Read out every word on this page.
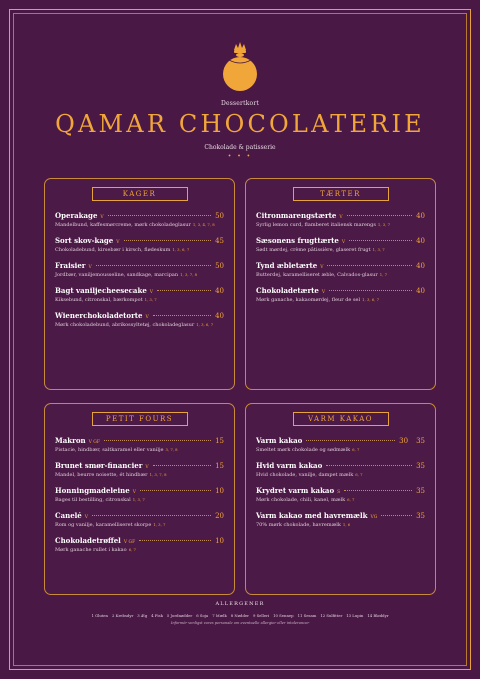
Dessertkort
QAMAR CHOCOLATERIE
Chokolade & patisserie
• • •
KAGER
Operakage V	50
Mandelbund, kaffesmørcreme, mørk chokoladeglasur 1, 3, 4, 7, 8
Sort skov-kage V	45
Chokoladebund, kirsebær i kirsch, flødeskum 1, 3, 6, 7
Fraisier V	50
Jordbær, vaniljemousseline, sandkage, marcipan 1, 3, 7, 8
Bagt vaniljecheesecake V	40
Kiksebund, citronskal, bærkompot 1, 3, 7
Wienerchokoladetorte V	40
Mørk chokoladebund, abrikossyltetøj, chokoladeglasur 1, 3, 6, 7
TÆRTER
Citronmarengstærte V	40
Syrlig lemon curd, flamberet italiensk marengs 1, 3, 7
Sæsonens frugttærte V	40
Sødt mørdej, crème pâtissière, glaseret frugt 1, 3, 7
Tynd æbletærte V	40
Butterdej, karamelliseret æble, Calvados-glasur 1, 7
Chokoladetærte V	40
Mørk ganache, kakaomørdej, fleur de sel 1, 3, 6, 7
PETIT FOURS
Makron V GF	15
Pistacie, hindbær, saltkaramel eller vanilje 3, 7, 8
Brunet smør-financier V	15
Mandel, beurre noisette, ét hindbær 1, 3, 7, 8
Honningmadeleine V	10
Bages til bestilling, citronskal 1, 3, 7
Canelé V	20
Rom og vanilje, karamelliseret skorpe 1, 3, 7
Chokoladetrøffel V GF	10
Mørk ganache rullet i kakao 6, 7
VARM KAKAO
Varm kakao	30 35
Smeltet mørk chokolade og sødmælk 6, 7
Hvid varm kakao	35
Hvid chokolade, vanilje, dampet mælk 6, 7
Krydret varm kakao S	35
Mørk chokolade, chili, kanel, mælk 6, 7
Varm kakao med havremælk VG	35
70% mørk chokolade, havremælk 1, 6
ALLERGENER
1 Gluten 2 Krebsdyr 3 Æg 4 Fisk 5 Jordnødder 6 Soja 7 Mælk 8 Nødder 9 Selleri 10 Sennep 11 Sesam 12 Sulfitter 13 Lupin 14 Bløddyr
Informér venligst vores personale om eventuelle allergier eller intolerancer
